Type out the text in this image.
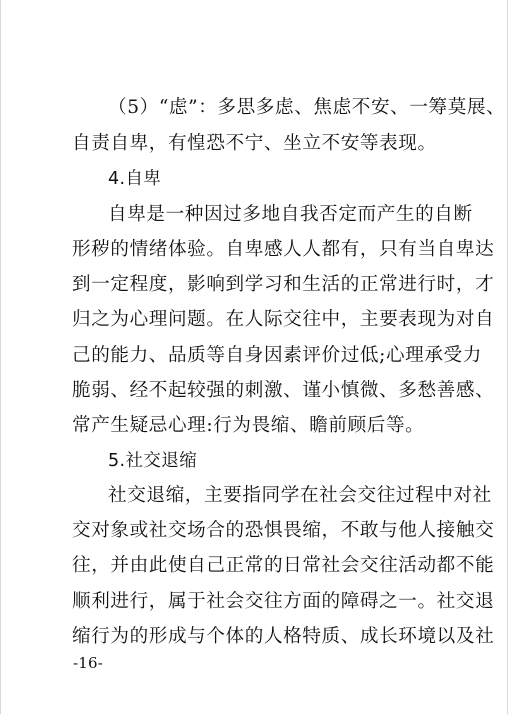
（5）“虑”：多思多虑、焦虑不安、一筹莫展、
自责自卑，有惶恐不宁、坐立不安等表现。
4.自卑
自卑是一种因过多地自我否定而产生的自断
形秽的情绪体验。自卑感人人都有，只有当自卑达
到一定程度，影响到学习和生活的正常进行时，才
归之为心理问题。在人际交往中，主要表现为对自
己的能力、品质等自身因素评价过低;心理承受力
脆弱、经不起较强的刺激、谨小慎微、多愁善感、
常产生疑忌心理:行为畏缩、瞻前顾后等。
5.社交退缩
社交退缩，主要指同学在社会交往过程中对社
交对象或社交场合的恐惧畏缩，不敢与他人接触交
往，并由此使自己正常的日常社会交往活动都不能
顺利进行，属于社会交往方面的障碍之一。社交退
缩行为的形成与个体的人格特质、成长环境以及社
-16-
